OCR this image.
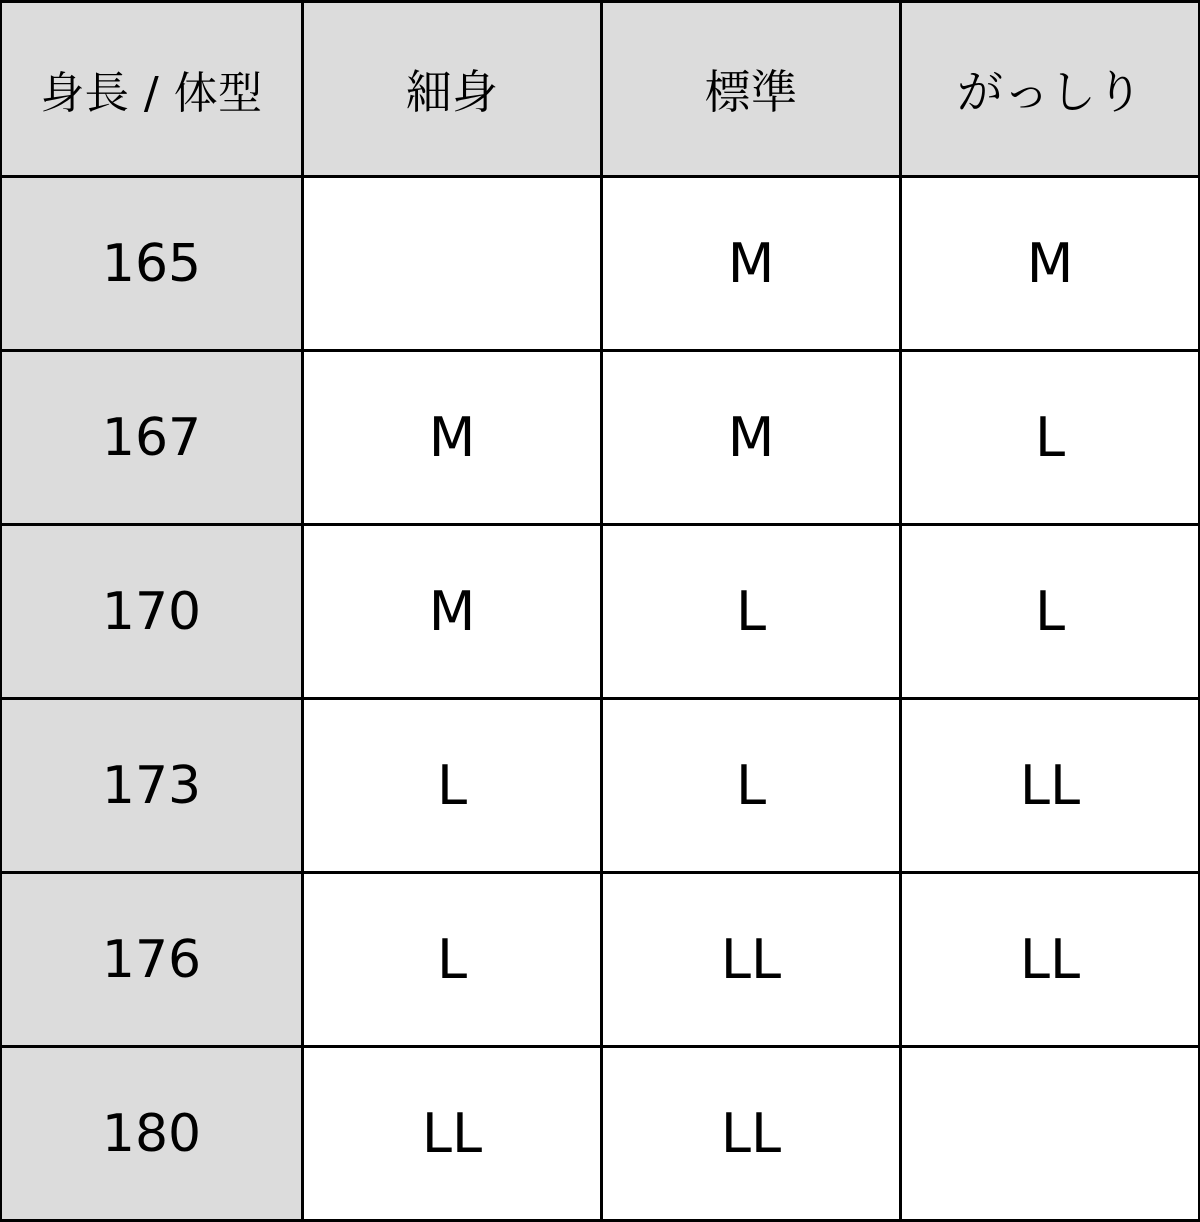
身長 / 体型	細身	標準	がっしり
165		M	M
167	M	M	L
170	M	L	L
173	L	L	LL
176	L	LL	LL
180	LL	LL	
